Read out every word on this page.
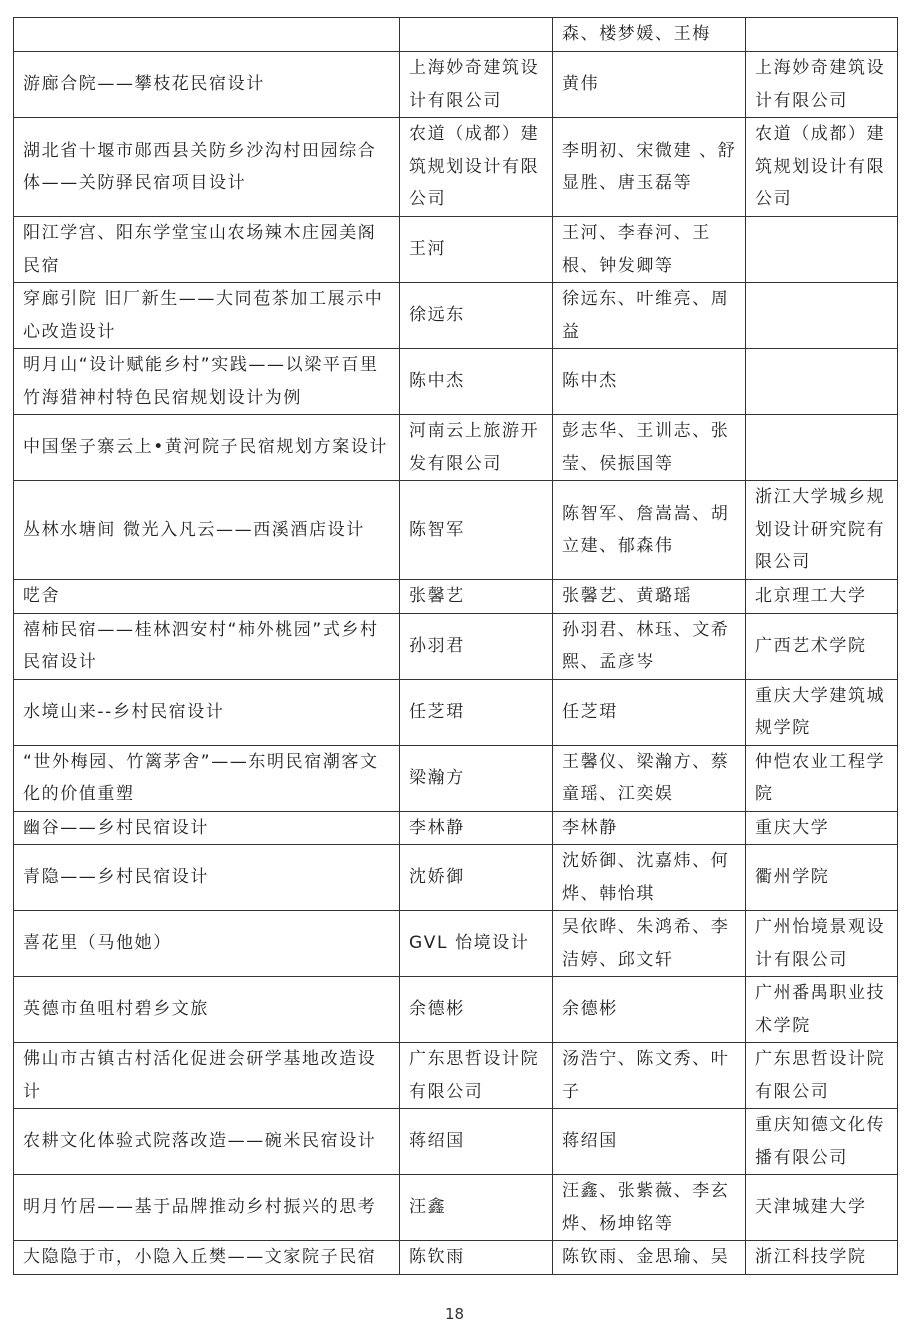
		森、楼梦媛、王梅	
游廊合院——攀枝花民宿设计	上海妙奇建筑设计有限公司	黄伟	上海妙奇建筑设计有限公司
湖北省十堰市郧西县关防乡沙沟村田园综合体——关防驿民宿项目设计	农道（成都）建筑规划设计有限公司	李明初、宋微建 、舒显胜、唐玉磊等	农道（成都）建筑规划设计有限公司
阳江学宫、阳东学堂宝山农场辣木庄园美阁民宿	王河	王河、李春河、王根、钟发卿等	
穿廊引院 旧厂新生——大同苞茶加工展示中心改造设计	徐远东	徐远东、叶维亮、周益	
明月山“设计赋能乡村”实践——以梁平百里竹海猎神村特色民宿规划设计为例	陈中杰	陈中杰	
中国堡子寨云上•黄河院子民宿规划方案设计	河南云上旅游开发有限公司	彭志华、王训志、张莹、侯振国等	
丛林水塘间 微光入凡云——西溪酒店设计	陈智军	陈智军、詹嵩嵩、胡立建、郁森伟	浙江大学城乡规划设计研究院有限公司
呓舍	张馨艺	张馨艺、黄璐瑶	北京理工大学
禧柿民宿——桂林泗安村“柿外桃园”式乡村民宿设计	孙羽君	孙羽君、林珏、文希熙、孟彦岑	广西艺术学院
水境山来--乡村民宿设计	任芝珺	任芝珺	重庆大学建筑城规学院
“世外梅园、竹篱茅舍”——东明民宿潮客文化的价值重塑	梁瀚方	王馨仪、梁瀚方、蔡童瑶、江奕娱	仲恺农业工程学院
幽谷——乡村民宿设计	李林静	李林静	重庆大学
青隐——乡村民宿设计	沈娇御	沈娇御、沈嘉炜、何烨、韩怡琪	衢州学院
喜花里（马他她）	GVL 怡境设计	吴依晔、朱鸿希、李洁婷、邱文轩	广州怡境景观设计有限公司
英德市鱼咀村碧乡文旅	余德彬	余德彬	广州番禺职业技术学院
佛山市古镇古村活化促进会研学基地改造设计	广东思哲设计院有限公司	汤浩宁、陈文秀、叶子	广东思哲设计院有限公司
农耕文化体验式院落改造——碗米民宿设计	蒋绍国	蒋绍国	重庆知德文化传播有限公司
明月竹居——基于品牌推动乡村振兴的思考	汪鑫	汪鑫、张紫薇、李玄烨、杨坤铭等	天津城建大学
大隐隐于市，小隐入丘樊——文家院子民宿	陈钦雨	陈钦雨、金思瑜、吴	浙江科技学院
18
